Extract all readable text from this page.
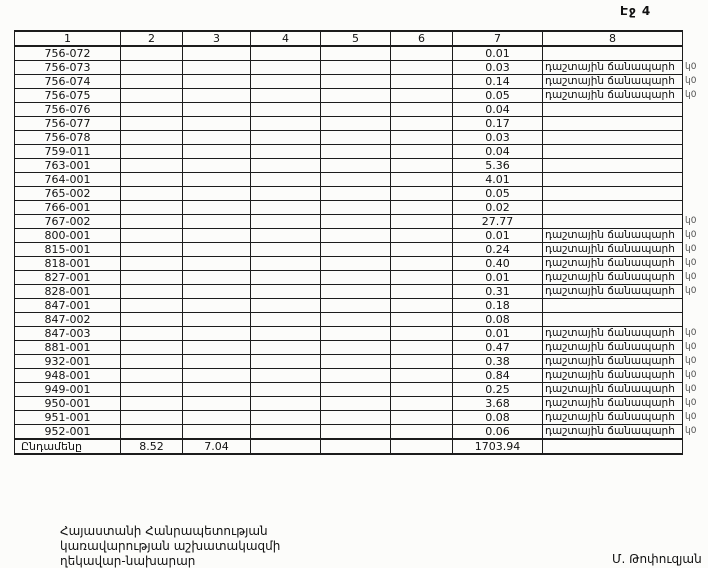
Էջ 4
1	2	3	4	5	6	7	8	
756-072						0.01		
756-073						0.03	դաշտային ճանապարհ	կ0
756-074						0.14	դաշտային ճանապարհ	կ0
756-075						0.05	դաշտային ճանապարհ	կ0
756-076						0.04		
756-077						0.17		
756-078						0.03		
759-011						0.04		
763-001						5.36		
764-001						4.01		
765-002						0.05		
766-001						0.02		
767-002						27.77		կ0
800-001						0.01	դաշտային ճանապարհ	կ0
815-001						0.24	դաշտային ճանապարհ	կ0
818-001						0.40	դաշտային ճանապարհ	կ0
827-001						0.01	դաշտային ճանապարհ	կ0
828-001						0.31	դաշտային ճանապարհ	կ0
847-001						0.18		
847-002						0.08		
847-003						0.01	դաշտային ճանապարհ	կ0
881-001						0.47	դաշտային ճանապարհ	կ0
932-001						0.38	դաշտային ճանապարհ	կ0
948-001						0.84	դաշտային ճանապարհ	կ0
949-001						0.25	դաշտային ճանապարհ	կ0
950-001						3.68	դաշտային ճանապարհ	կ0
951-001						0.08	դաշտային ճանապարհ	կ0
952-001						0.06	դաշտային ճանապարհ	կ0
Ընդամենը	8.52	7.04				1703.94		
Հայաստանի Հանրապետության
կառավարության աշխատակազմի
ղեկավար-նախարար	Մ. Թոփուզյան
